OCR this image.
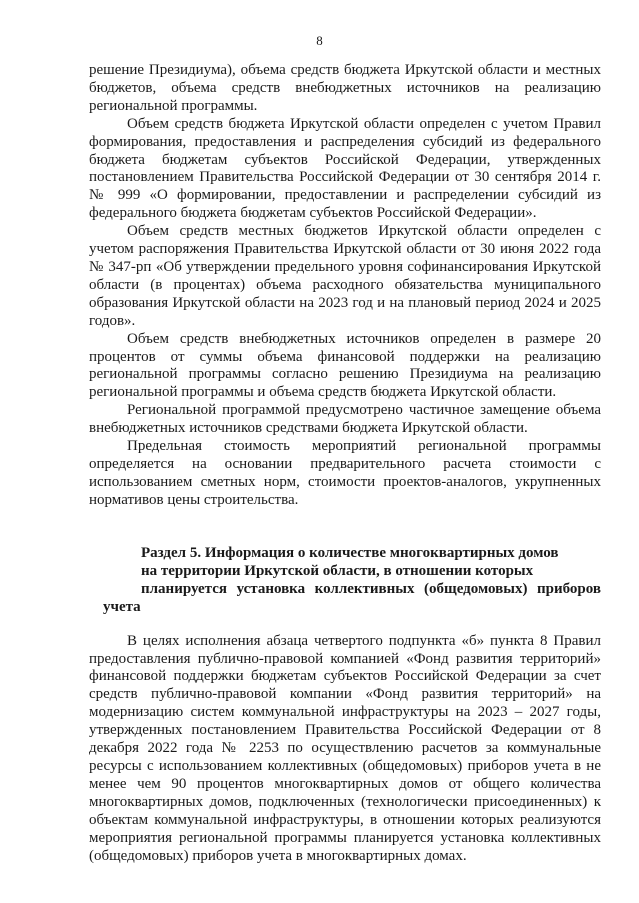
8

решение Президиума), объема средств бюджета Иркутской области и местных бюджетов, объема средств внебюджетных источников на реализацию региональной программы.

Объем средств бюджета Иркутской области определен с учетом Правил формирования, предоставления и распределения субсидий из федерального бюджета бюджетам субъектов Российской Федерации, утвержденных постановлением Правительства Российской Федерации от 30 сентября 2014 г. № 999 «О формировании, предоставлении и распределении субсидий из федерального бюджета бюджетам субъектов Российской Федерации».

Объем средств местных бюджетов Иркутской области определен с учетом распоряжения Правительства Иркутской области от 30 июня 2022 года № 347-рп «Об утверждении предельного уровня софинансирования Иркутской области (в процентах) объема расходного обязательства муниципального образования Иркутской области на 2023 год и на плановый период 2024 и 2025 годов».

Объем средств внебюджетных источников определен в размере 20 процентов от суммы объема финансовой поддержки на реализацию региональной программы согласно решению Президиума на реализацию региональной программы и объема средств бюджета Иркутской области.

Региональной программой предусмотрено частичное замещение объема внебюджетных источников средствами бюджета Иркутской области.

Предельная стоимость мероприятий региональной программы определяется на основании предварительного расчета стоимости с использованием сметных норм, стоимости проектов-аналогов, укрупненных нормативов цены строительства.

Раздел 5. Информация о количестве многоквартирных домов

на территории Иркутской области, в отношении которых

планируется установка коллективных (общедомовых) приборов учета

В целях исполнения абзаца четвертого подпункта «б» пункта 8 Правил предоставления публично-правовой компанией «Фонд развития территорий» финансовой поддержки бюджетам субъектов Российской Федерации за счет средств публично-правовой компании «Фонд развития территорий» на модернизацию систем коммунальной инфраструктуры на 2023 – 2027 годы, утвержденных постановлением Правительства Российской Федерации от 8 декабря 2022 года № 2253 по осуществлению расчетов за коммунальные ресурсы с использованием коллективных (общедомовых) приборов учета в не менее чем 90 процентов многоквартирных домов от общего количества многоквартирных домов, подключенных (технологически присоединенных) к объектам коммунальной инфраструктуры, в отношении которых реализуются мероприятия региональной программы планируется установка коллективных (общедомовых) приборов учета в многоквартирных домах.
